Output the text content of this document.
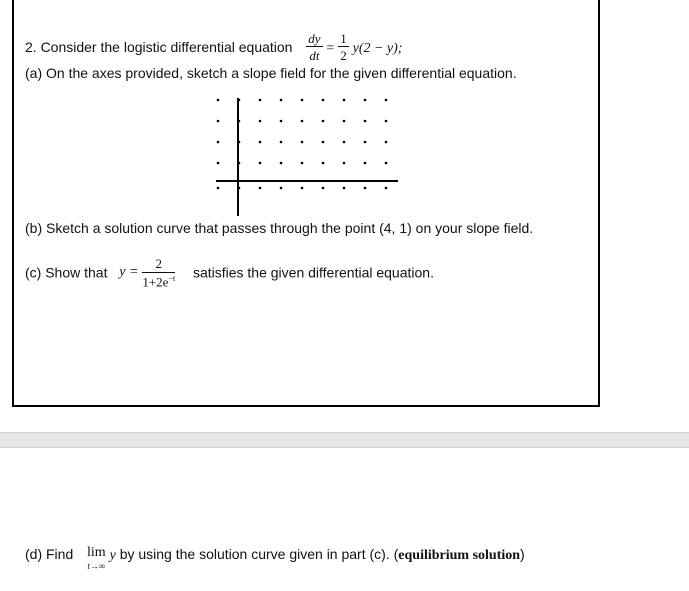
2. Consider the logistic differential equation $\frac{dy}{dt} = \frac{1}{2} y(2 - y)$;
(a) On the axes provided, sketch a slope field for the given differential equation.
(b) Sketch a solution curve that passes through the point (4, 1) on your slope field.
(c) Show that $y = \frac{2}{1+2e^{-t}}$ satisfies the given differential equation.
(d) Find lim
t→∞
y by using the solution curve given in part (c). (equilibrium solution)
